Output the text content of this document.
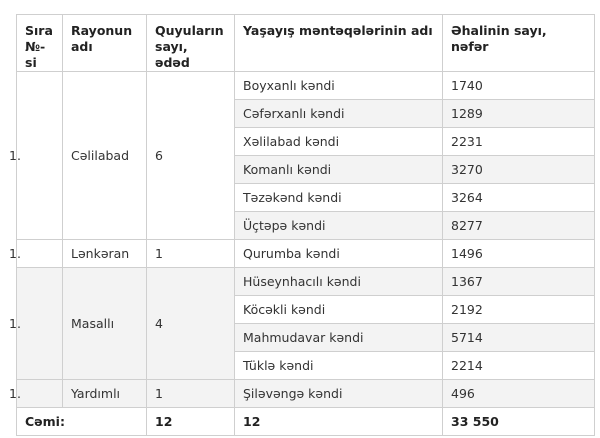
Sıra №-si	Rayonun adı	Quyuların sayı, ədəd	Yaşayış məntəqələrinin adı	Əhalinin sayı, nəfər
1.	Cəlilabad	6	Boyxanlı kəndi	1740
			Cəfərxanlı kəndi	1289
			Xəlilabad kəndi	2231
			Komanlı kəndi	3270
			Təzəkənd kəndi	3264
			Üçtəpə kəndi	8277
1.	Lənkəran	1	Qurumba kəndi	1496
1.	Masallı	4	Hüseynhacılı kəndi	1367
			Köcəkli kəndi	2192
			Mahmudavar kəndi	5714
			Tüklə kəndi	2214
1.	Yardımlı	1	Şiləvəngə kəndi	496
Cəmi:		12	12	33 550
